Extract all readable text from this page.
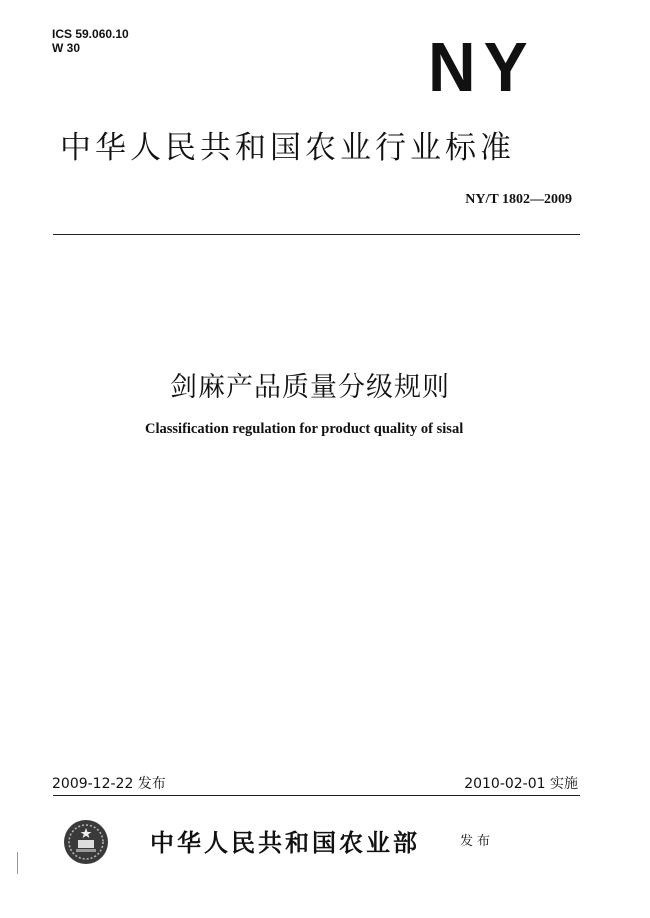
ICS 59.060.10
W 30	NY
中华人民共和国农业行业标准
NY/T 1802—2009
剑麻产品质量分级规则
Classification regulation for product quality of sisal
2009-12-22 发布	2010-02-01 实施
中华人民共和国农业部	发布
